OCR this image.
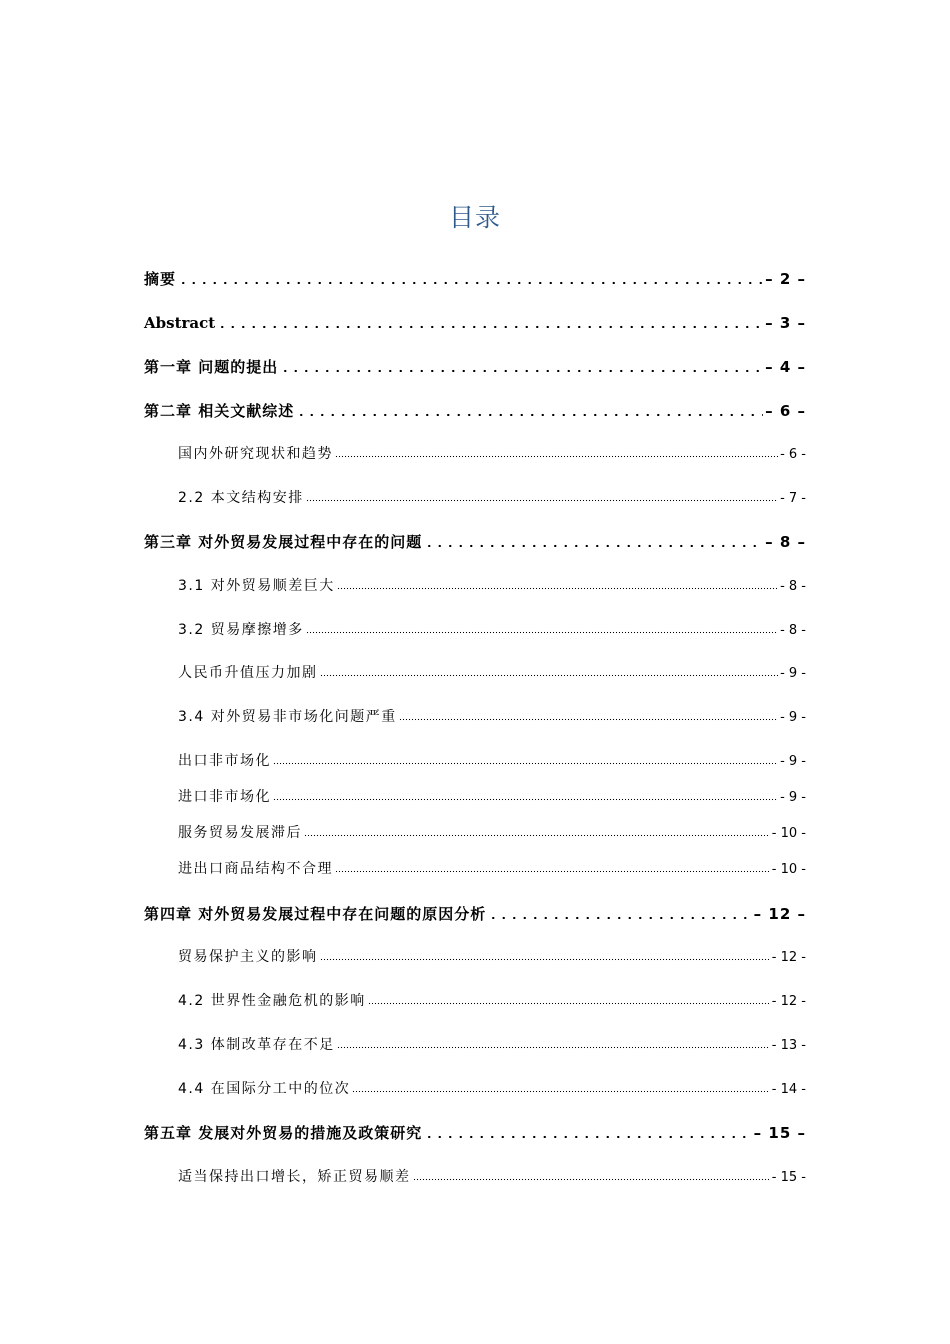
目录
摘要	– 2 –
Abstract	– 3 –
第一章 问题的提出	– 4 –
第二章 相关文献综述	– 6 –
国内外研究现状和趋势	- 6 -
2.2 本文结构安排	- 7 -
第三章 对外贸易发展过程中存在的问题	– 8 –
3.1 对外贸易顺差巨大	- 8 -
3.2 贸易摩擦增多	- 8 -
人民币升值压力加剧	- 9 -
3.4 对外贸易非市场化问题严重	- 9 -
出口非市场化	- 9 -
进口非市场化	- 9 -
服务贸易发展滞后	- 10 -
进出口商品结构不合理	- 10 -
第四章 对外贸易发展过程中存在问题的原因分析	– 12 –
贸易保护主义的影响	- 12 -
4.2 世界性金融危机的影响	- 12 -
4.3 体制改革存在不足	- 13 -
4.4 在国际分工中的位次	- 14 -
第五章 发展对外贸易的措施及政策研究	– 15 –
适当保持出口增长，矫正贸易顺差	- 15 -
